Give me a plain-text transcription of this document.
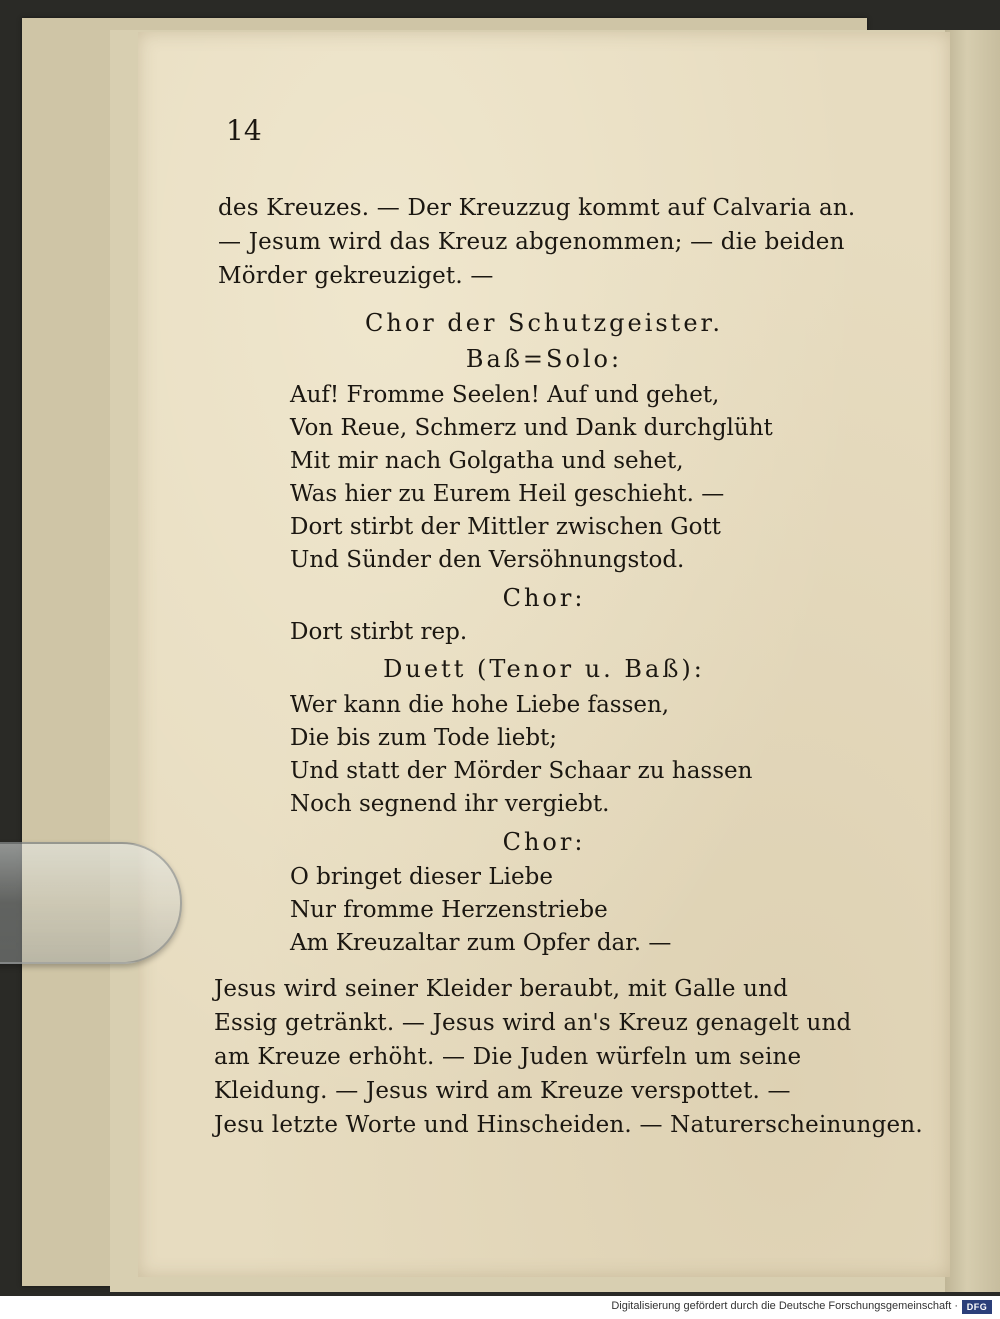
14
des Kreuzes. — Der Kreuzzug kommt auf Calvaria an.
— Jesum wird das Kreuz abgenommen; — die beiden
Mörder gekreuziget. —
Chor der Schutzgeister.
Baß=Solo:
Auf! Fromme Seelen! Auf und gehet,
Von Reue, Schmerz und Dank durchglüht
Mit mir nach Golgatha und sehet,
Was hier zu Eurem Heil geschieht. —
Dort stirbt der Mittler zwischen Gott
Und Sünder den Versöhnungstod.
Chor:
Dort stirbt rep.
Duett (Tenor u. Baß):
Wer kann die hohe Liebe fassen,
Die bis zum Tode liebt;
Und statt der Mörder Schaar zu hassen
Noch segnend ihr vergiebt.
Chor:
O bringet dieser Liebe
Nur fromme Herzenstriebe
Am Kreuzaltar zum Opfer dar. —
Jesus wird seiner Kleider beraubt, mit Galle und
Essig getränkt. — Jesus wird an's Kreuz genagelt und
am Kreuze erhöht. — Die Juden würfeln um seine
Kleidung. — Jesus wird am Kreuze verspottet. —
Jesu letzte Worte und Hinscheiden. — Naturerscheinungen.
Digitalisierung gefördert durch die Deutsche Forschungsgemeinschaft · DFG
